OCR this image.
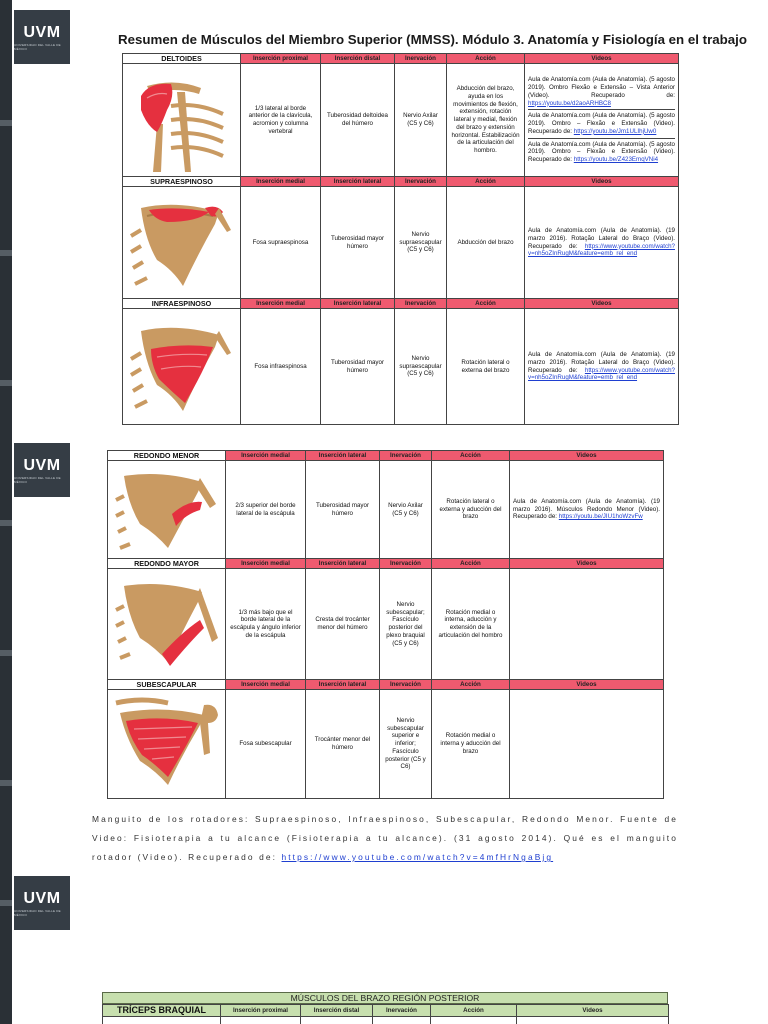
UVM
UNIVERSIDAD DEL VALLE DE MÉXICO
UVM
UNIVERSIDAD DEL VALLE DE MÉXICO
UVM
UNIVERSIDAD DEL VALLE DE MÉXICO
Resumen de Músculos del Miembro Superior (MMSS). Módulo 3. Anatomía y Fisiología en el trabajo
DELTOIDES	Inserción proximal	Inserción distal	Inervación	Acción	Videos

	1/3 lateral al borde anterior de la clavícula, acromion y columna vertebral	Tuberosidad deltoidea del húmero	Nervio Axilar (C5 y C6)	Abducción del brazo, ayuda en los movimientos de flexión, extensión, rotación lateral y medial, flexión del brazo y extensión horizontal. Estabilización de la articulación del hombro.	Aula de Anatomía.com (Aula de Anatomía). (5 agosto 2019). Ombro Flexão e Extensão – Vista Anterior (Video). Recuperado de: https://youtu.be/d2aoARHBC8
Aula de Anatomía.com (Aula de Anatomía). (5 agosto 2019). Ombro – Flexão e Extensão (Video). Recuperado de: https://youtu.be/Jm1ULIhjUw0
Aula de Anatomía.com (Aula de Anatomía). (5 agosto 2019). Ombro – Flexão e Extensão (Video). Recuperado de: https://youtu.be/Z423EmqVNi4

SUPRAESPINOSO	Inserción medial	Inserción lateral	Inervación	Acción	Videos

	Fosa supraespinosa	Tuberosidad mayor húmero	Nervio supraescapular (C5 y C6)	Abducción del brazo	Aula de Anatomía.com (Aula de Anatomía). (19 marzo 2016). Rotação Lateral do Braço (Video). Recuperado de: https://www.youtube.com/watch?v=nh5oZInRugM&feature=emb_rel_end
INFRAESPINOSO	Inserción medial	Inserción lateral	Inervación	Acción	Videos

	Fosa infraespinosa	Tuberosidad mayor húmero	Nervio supraescapular (C5 y C6)	Rotación lateral o externa del brazo	Aula de Anatomía.com (Aula de Anatomía). (19 marzo 2016). Rotação Lateral do Braço (Video). Recuperado de: https://www.youtube.com/watch?v=nh5oZInRugM&feature=emb_rel_end
REDONDO MENOR	Inserción medial	Inserción lateral	Inervación	Acción	Videos

	2/3 superior del borde lateral de la escápula	Tuberosidad mayor húmero	Nervio Axilar (C5 y C6)	Rotación lateral o externa y aducción del brazo	Aula de Anatomía.com (Aula de Anatomía). (19 marzo 2016). Músculos Redondo Menor (Video). Recuperado de: https://youtu.be/JIU1hoWzvFw
REDONDO MAYOR	Inserción medial	Inserción lateral	Inervación	Acción	Videos

	1/3 más bajo que el borde lateral de la escápula y ángulo inferior de la escápula	Cresta del trocánter menor del húmero	Nervio subescapular; Fascículo posterior del plexo braquial (C5 y C6)	Rotación medial o interna, aducción y extensión de la articulación del hombro	
SUBESCAPULAR	Inserción medial	Inserción lateral	Inervación	Acción	Videos

	Fosa subescapular	Trocánter menor del húmero	Nervio subescapular superior e inferior; Fascículo posterior (C5 y C6)	Rotación medial o interna y aducción del brazo	
Manguito de los rotadores: Supraespinoso, Infraespinoso, Subescapular, Redondo Menor. Fuente de Video: Fisioterapia a tu alcance (Fisioterapia a tu alcance). (31 agosto 2014). Qué es el manguito rotador (Video). Recuperado de: https://www.youtube.com/watch?v=4mfHrNgaBjg
MÚSCULOS DEL BRAZO REGIÓN POSTERIOR
TRÍCEPS BRAQUIAL	Inserción proximal	Inserción distal	Inervación	Acción	Videos
